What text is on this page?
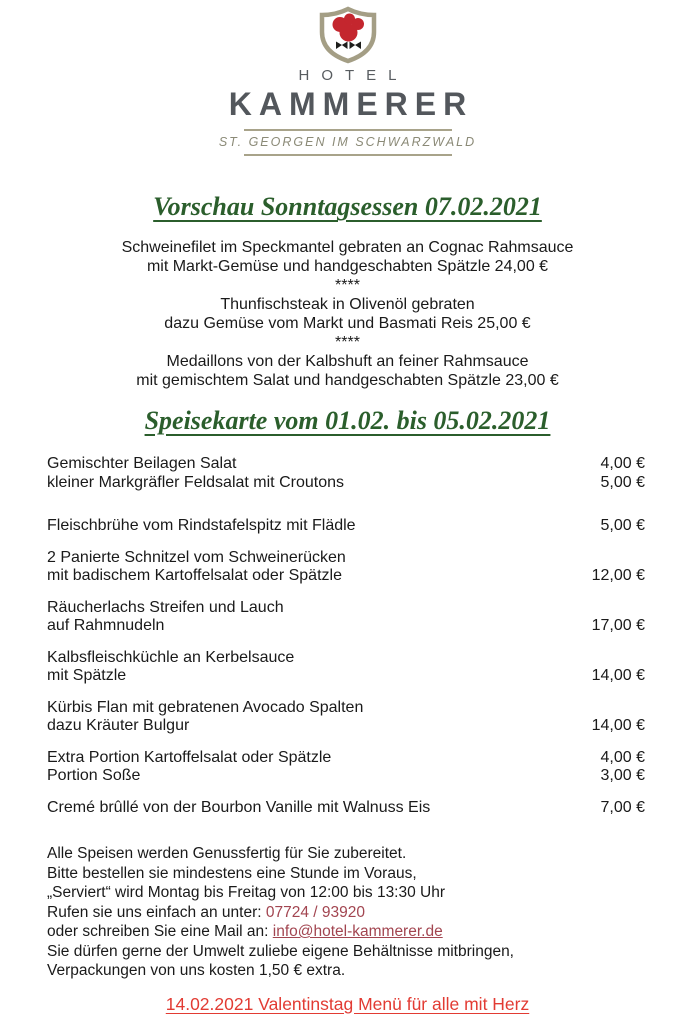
HOTEL
KAMMERER
ST. GEORGEN IM SCHWARZWALD
Vorschau Sonntagsessen 07.02.2021

Schweinefilet im Speckmantel gebraten an Cognac Rahmsauce

mit Markt-Gemüse und handgeschabten Spätzle 24,00 €

****

Thunfischsteak in Olivenöl gebraten

dazu Gemüse vom Markt und Basmati Reis 25,00 €

****

Medaillons von der Kalbshuft an feiner Rahmsauce

mit gemischtem Salat und handgeschabten Spätzle 23,00 €

Speisekarte vom 01.02. bis 05.02.2021
Gemischter Beilagen Salat	4,00 €
kleiner Markgräfler Feldsalat mit Croutons	5,00 €
Fleischbrühe vom Rindstafelspitz mit Flädle	5,00 €
2 Panierte Schnitzel vom Schweinerücken
mit badischem Kartoffelsalat oder Spätzle	12,00 €
Räucherlachs Streifen und Lauch
auf Rahmnudeln	17,00 €
Kalbsfleischküchle an Kerbelsauce
mit Spätzle	14,00 €
Kürbis Flan mit gebratenen Avocado Spalten
dazu Kräuter Bulgur	14,00 €
Extra Portion Kartoffelsalat oder Spätzle	4,00 €
Portion Soße	3,00 €
Cremé brûllé von der Bourbon Vanille mit Walnuss Eis	7,00 €

Alle Speisen werden Genussfertig für Sie zubereitet.

Bitte bestellen sie mindestens eine Stunde im Voraus,

„Serviert“ wird Montag bis Freitag von 12:00 bis 13:30 Uhr

Rufen sie uns einfach an unter: 07724 / 93920

oder schreiben Sie eine Mail an: info@hotel-kammerer.de

Sie dürfen gerne der Umwelt zuliebe eigene Behältnisse mitbringen,

Verpackungen von uns kosten 1,50 € extra.

14.02.2021 Valentinstag Menü für alle mit Herz
